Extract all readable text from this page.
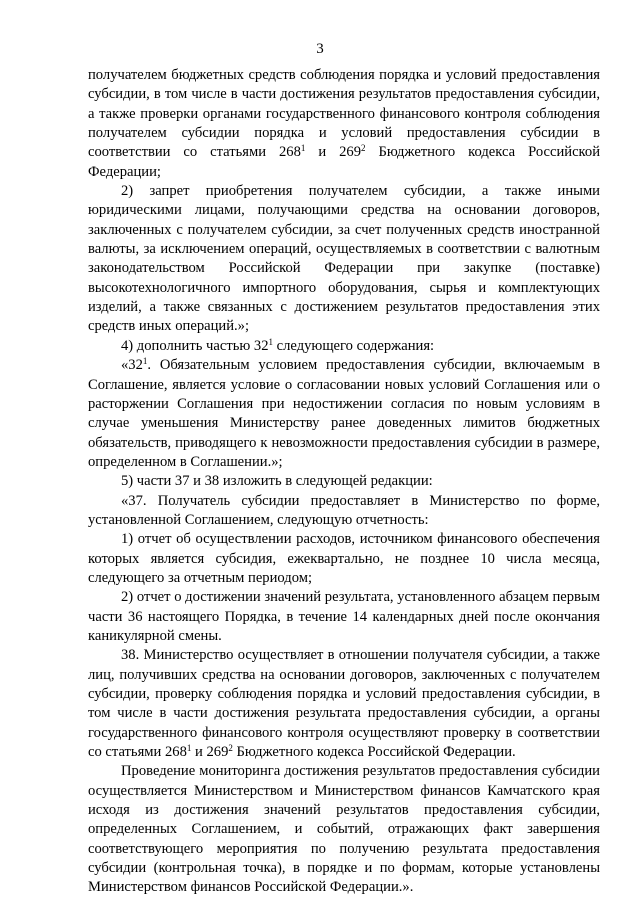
3

получателем бюджетных средств соблюдения порядка и условий предоставления субсидии, в том числе в части достижения результатов предоставления субсидии, а также проверки органами государственного финансового контроля соблюдения получателем субсидии порядка и условий предоставления субсидии в соответствии со статьями $268^1$ и $269^2$ Бюджетного кодекса Российской Федерации;

2) запрет приобретения получателем субсидии, а также иными юридическими лицами, получающими средства на основании договоров, заключенных с получателем субсидии, за счет полученных средств иностранной валюты, за исключением операций, осуществляемых в соответствии с валютным законодательством Российской Федерации при закупке (поставке) высокотехнологичного импортного оборудования, сырья и комплектующих изделий, а также связанных с достижением результатов предоставления этих средств иных операций.»;

4) дополнить частью $32^1$ следующего содержания:

«$32^1$. Обязательным условием предоставления субсидии, включаемым в Соглашение, является условие о согласовании новых условий Соглашения или о расторжении Соглашения при недостижении согласия по новым условиям в случае уменьшения Министерству ранее доведенных лимитов бюджетных обязательств, приводящего к невозможности предоставления субсидии в размере, определенном в Соглашении.»;

5) части 37 и 38 изложить в следующей редакции:

«37. Получатель субсидии предоставляет в Министерство по форме, установленной Соглашением, следующую отчетность:

1) отчет об осуществлении расходов, источником финансового обеспечения которых является субсидия, ежеквартально, не позднее 10 числа месяца, следующего за отчетным периодом;

2) отчет о достижении значений результата, установленного абзацем первым части 36 настоящего Порядка, в течение 14 календарных дней после окончания каникулярной смены.

38. Министерство осуществляет в отношении получателя субсидии, а также лиц, получивших средства на основании договоров, заключенных с получателем субсидии, проверку соблюдения порядка и условий предоставления субсидии, в том числе в части достижения результата предоставления субсидии, а органы государственного финансового контроля осуществляют проверку в соответствии со статьями $268^1$ и $269^2$ Бюджетного кодекса Российской Федерации.

Проведение мониторинга достижения результатов предоставления субсидии осуществляется Министерством и Министерством финансов Камчатского края исходя из достижения значений результатов предоставления субсидии, определенных Соглашением, и событий, отражающих факт завершения соответствующего мероприятия по получению результата предоставления субсидии (контрольная точка), в порядке и по формам, которые установлены Министерством финансов Российской Федерации.».
